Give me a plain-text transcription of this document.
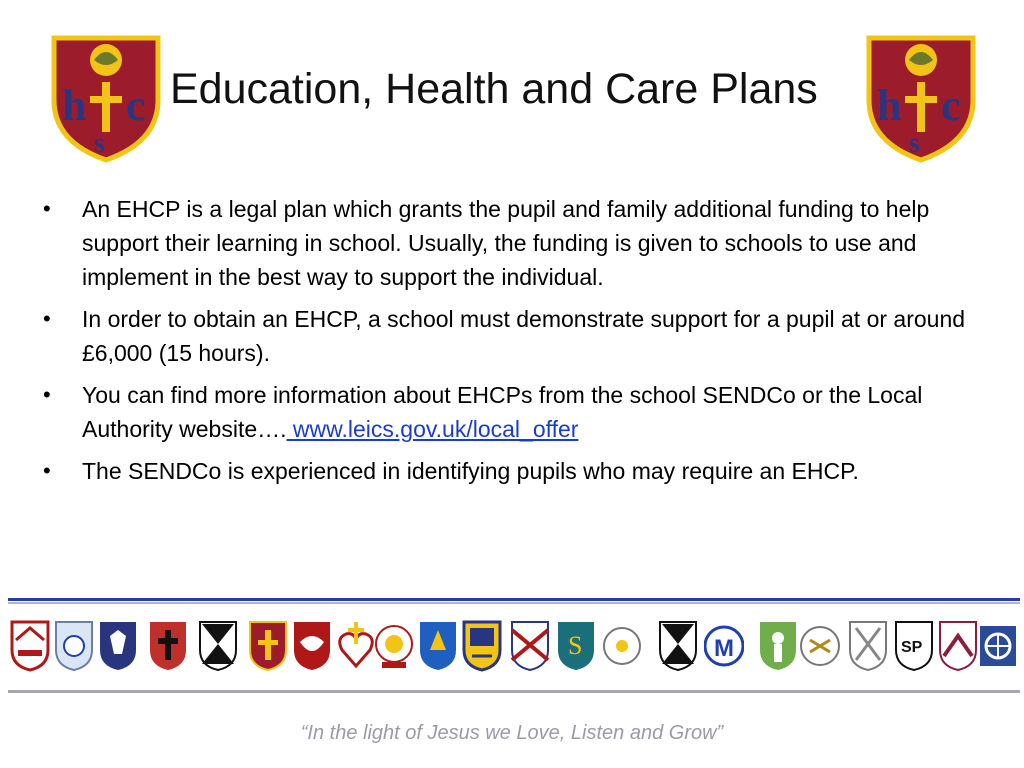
h c
s
Education, Health and Care Plans h c
s
• An EHCP is a legal plan which grants the pupil and family additional funding to help support their learning in school. Usually, the funding is given to schools to use and implement in the best way to support the individual.
• In order to obtain an EHCP, a school must demonstrate support for a pupil at or around £6,000 (15 hours).
• You can find more information about EHCPs from the school SENDCo or the Local Authority website…. www.leics.gov.uk/local_offer
• The SENDCo is experienced in identifying pupils who may require an EHCP.
S	M	SP
“In the light of Jesus we Love, Listen and Grow”
